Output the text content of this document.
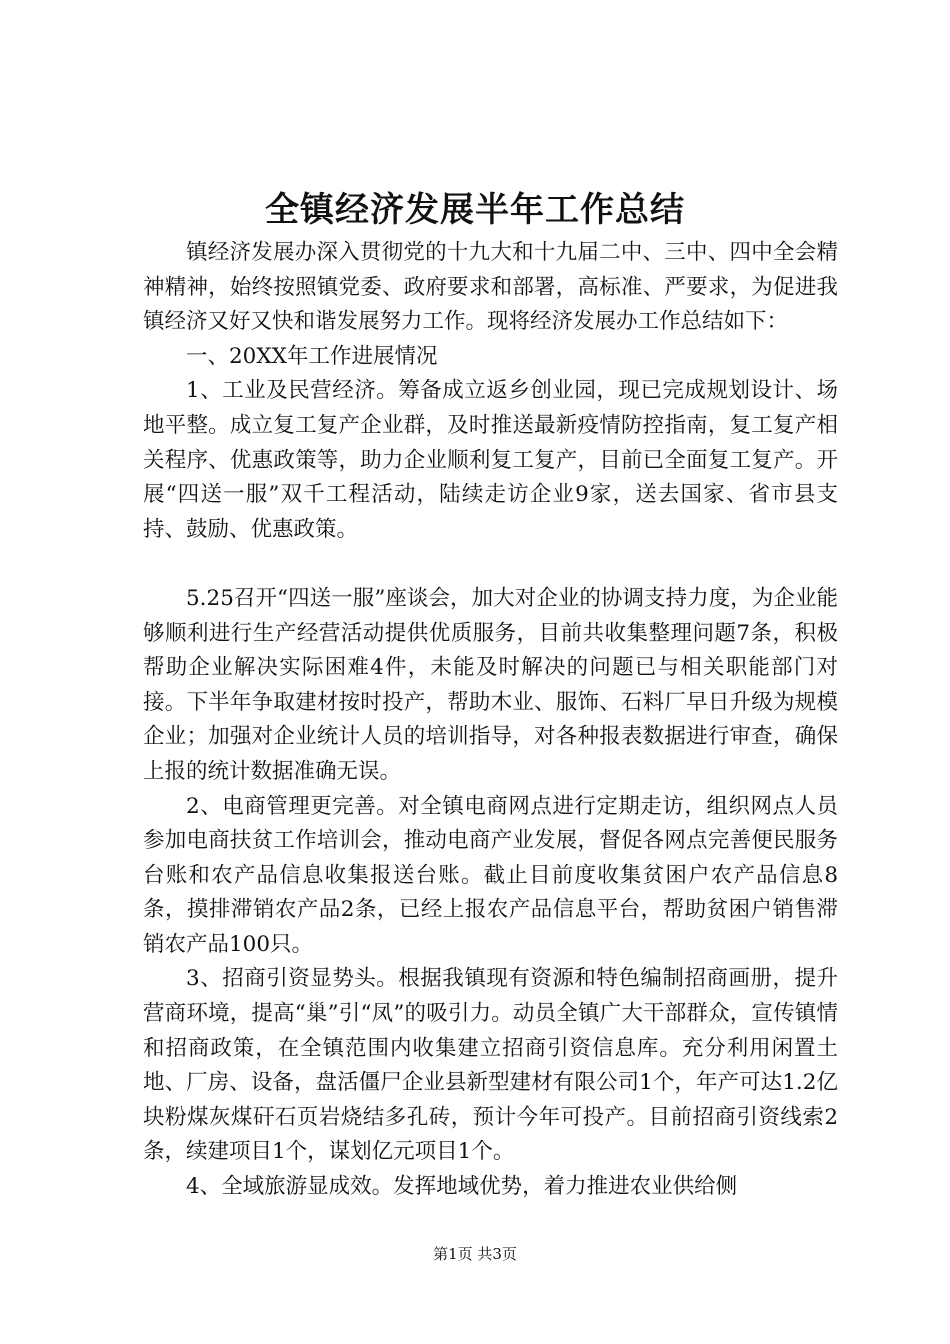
全镇经济发展半年工作总结

镇经济发展办深入贯彻党的十九大和十九届二中、三中、四中全会精神精神，始终按照镇党委、政府要求和部署，高标准、严要求，为促进我镇经济又好又快和谐发展努力工作。现将经济发展办工作总结如下：

一、20XX年工作进展情况

1、工业及民营经济。筹备成立返乡创业园，现已完成规划设计、场地平整。成立复工复产企业群，及时推送最新疫情防控指南，复工复产相关程序、优惠政策等，助力企业顺利复工复产，目前已全面复工复产。开展“四送一服”双千工程活动，陆续走访企业9家，送去国家、省市县支持、鼓励、优惠政策。

5.25召开“四送一服”座谈会，加大对企业的协调支持力度，为企业能够顺利进行生产经营活动提供优质服务，目前共收集整理问题7条，积极帮助企业解决实际困难4件，未能及时解决的问题已与相关职能部门对接。下半年争取建材按时投产，帮助木业、服饰、石料厂早日升级为规模企业；加强对企业统计人员的培训指导，对各种报表数据进行审查，确保上报的统计数据准确无误。

2、电商管理更完善。对全镇电商网点进行定期走访，组织网点人员参加电商扶贫工作培训会，推动电商产业发展，督促各网点完善便民服务台账和农产品信息收集报送台账。截止目前度收集贫困户农产品信息8条，摸排滞销农产品2条，已经上报农产品信息平台，帮助贫困户销售滞销农产品100只。

3、招商引资显势头。根据我镇现有资源和特色编制招商画册，提升营商环境，提高“巢”引“凤”的吸引力。动员全镇广大干部群众，宣传镇情和招商政策，在全镇范围内收集建立招商引资信息库。充分利用闲置土地、厂房、设备，盘活僵尸企业县新型建材有限公司1个，年产可达1.2亿块粉煤灰煤矸石页岩烧结多孔砖，预计今年可投产。目前招商引资线索2条，续建项目1个，谋划亿元项目1个。

4、全域旅游显成效。发挥地域优势，着力推进农业供给侧

第1页 共3页
